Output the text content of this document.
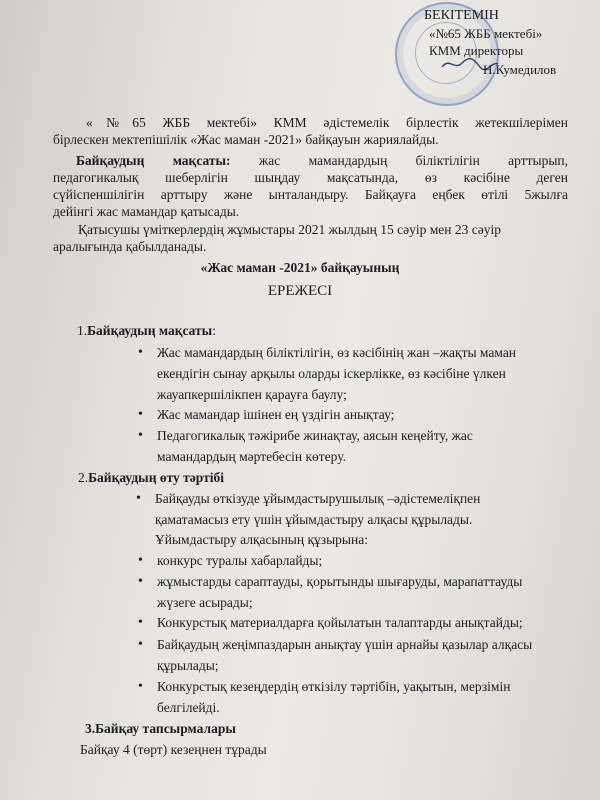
БЕКІТЕМІН
«№65 ЖББ мектебі»
КММ директоры
Н.Кумедилов
«№65 ЖББ мектебі» КММ әдістемелік бірлестік жетекшілерімен
бірлескен мектепішілік «Жас маман -2021» байқауын жариялайды.
Байқаудың мақсаты: жас мамандардың біліктілігін арттырып,
педагогикалық шеберлігін шыңдау мақсатында, өз кәсібіне деген
сүйіспеншілігін арттыру және ынталандыру. Байқауға еңбек өтілі 5жылға
дейінгі жас мамандар қатысады.
Қатысушы үміткерлердің жұмыстары 2021 жылдың 15 сәуір мен 23 сәуір
аралығында қабылданады.
«Жас маман -2021» байқауының
ЕРЕЖЕСІ
1.Байқаудың мақсаты:
• Жас мамандардың біліктілігін, өз кәсібінің жан –жақты маман
екендігін сынау арқылы оларды іскерлікке, өз кәсібіне үлкен
жауапкершілікпен қарауға баулу;
• Жас мамандар ішінен ең үздігін анықтау;
• Педагогикалық тәжірибе жинақтау, аясын кеңейту, жас
мамандардың мәртебесін көтеру.
2.Байқаудың өту тәртібі
• Байқауды өткізуде ұйымдастырушылық –әдістемеліқпен
қаматамасыз ету үшін ұйымдастыру алқасы құрылады.
Ұйымдастыру алқасының құзырына:
• конкурс туралы хабарлайды;
• жұмыстарды сараптауды, қорытынды шығаруды, марапаттауды
жүзеге асырады;
• Конкурстық материалдарға қойылатын талаптарды анықтайды;
• Байқаудың жеңімпаздарын анықтау үшін арнайы қазылар алқасы
құрылады;
• Конкурстық кезеңдердің өткізілу тәртібін, уақытын, мерзімін
белгілейді.
3.Байқау тапсырмалары
Байқау 4 (төрт) кезеңнен тұрады
